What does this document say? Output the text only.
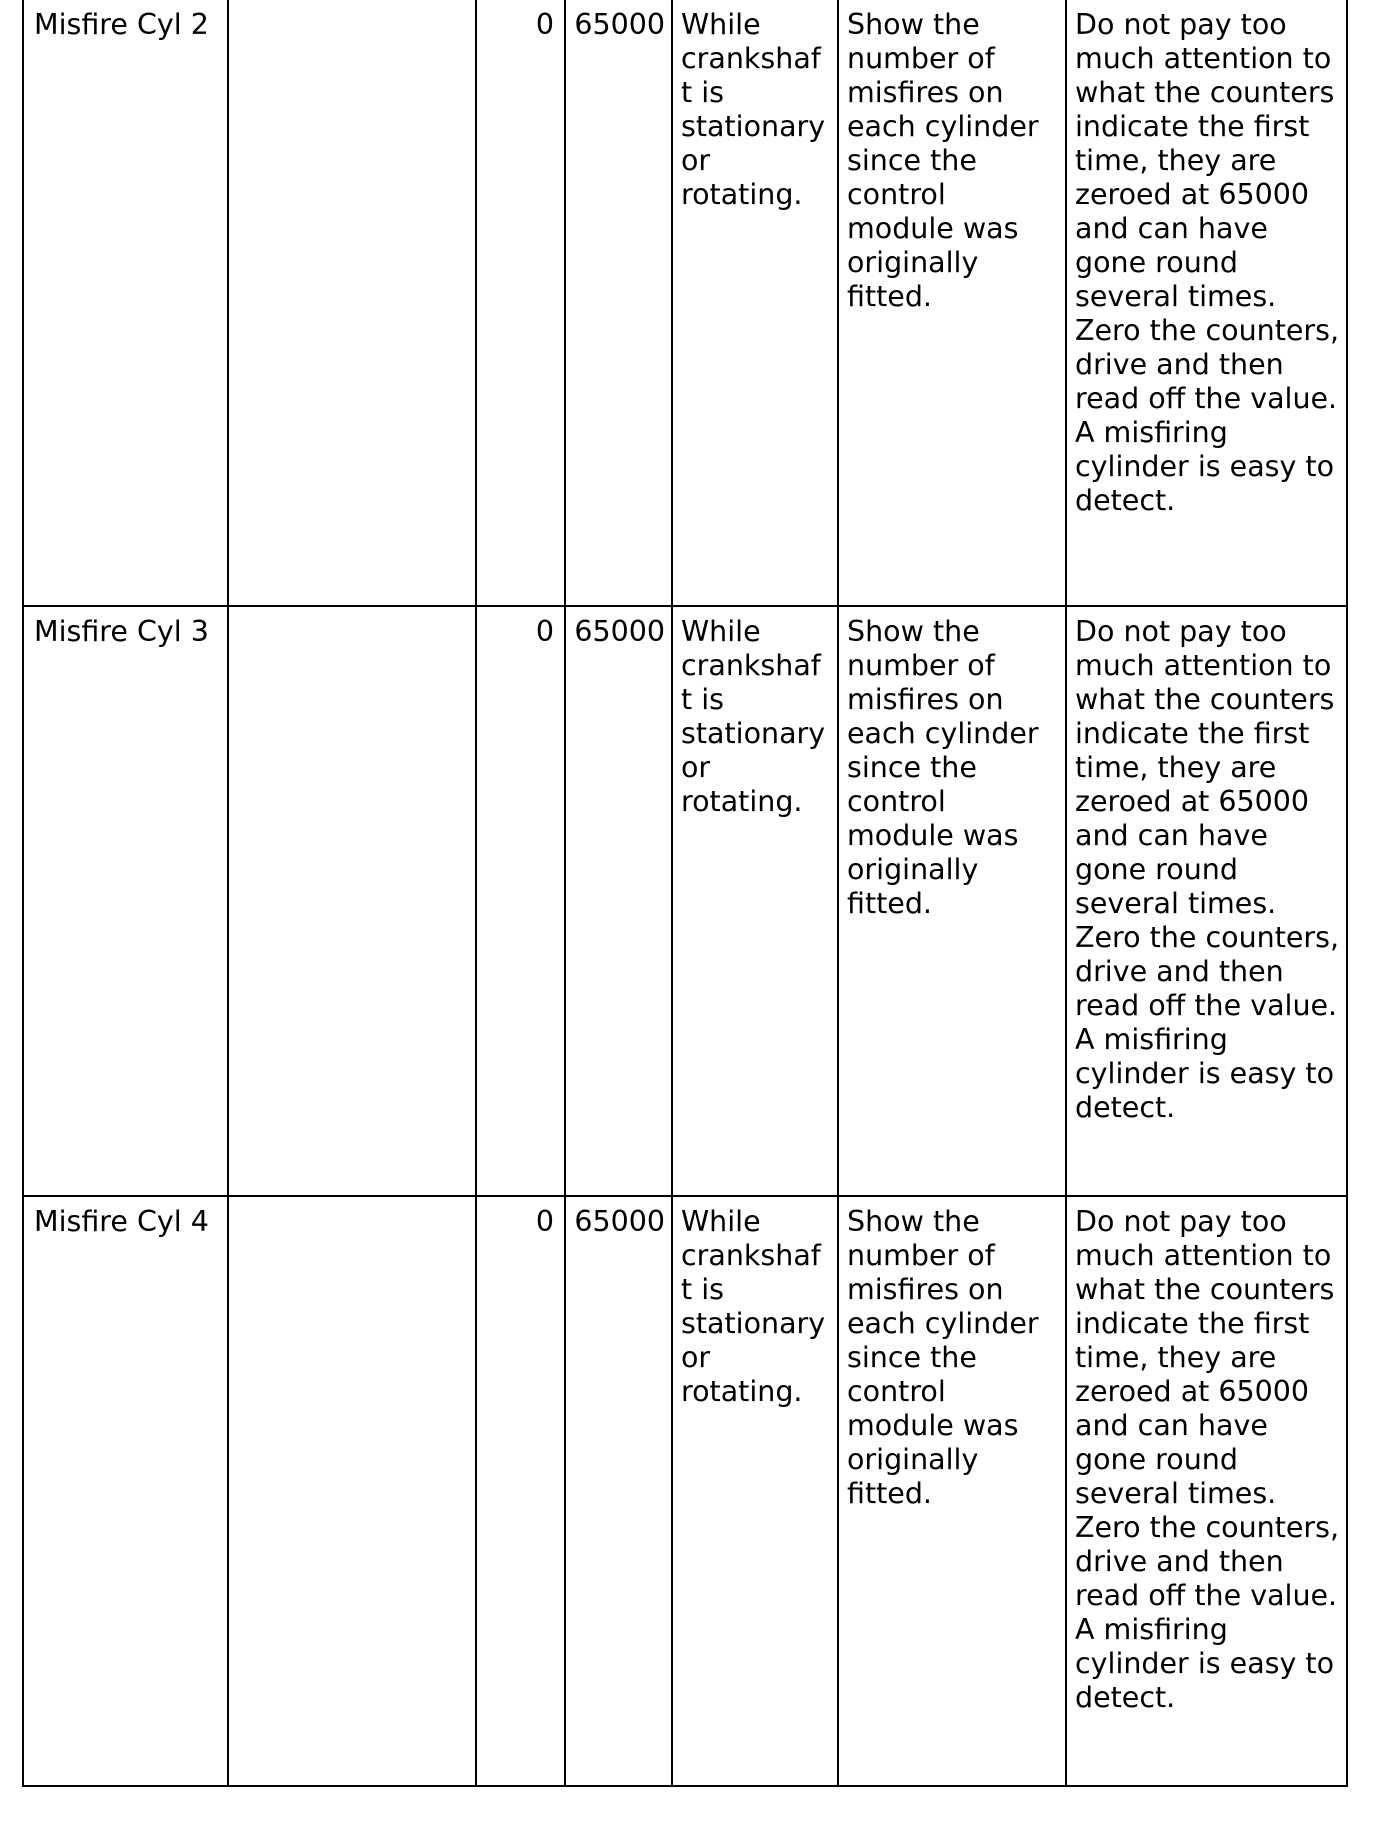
Misfire Cyl 2		0	65000	While crankshaft is stationary or rotating.	Show the number of misfires on each cylinder since the control module was originally fitted.	Do not pay too much attention to what the counters indicate the first time, they are zeroed at 65000 and can have gone round several times. Zero the counters, drive and then read off the value. A misfiring cylinder is easy to detect.
Misfire Cyl 3		0	65000	While crankshaft is stationary or rotating.	Show the number of misfires on each cylinder since the control module was originally fitted.	Do not pay too much attention to what the counters indicate the first time, they are zeroed at 65000 and can have gone round several times. Zero the counters, drive and then read off the value. A misfiring cylinder is easy to detect.
Misfire Cyl 4		0	65000	While crankshaft is stationary or rotating.	Show the number of misfires on each cylinder since the control module was originally fitted.	Do not pay too much attention to what the counters indicate the first time, they are zeroed at 65000 and can have gone round several times. Zero the counters, drive and then read off the value. A misfiring cylinder is easy to detect.
